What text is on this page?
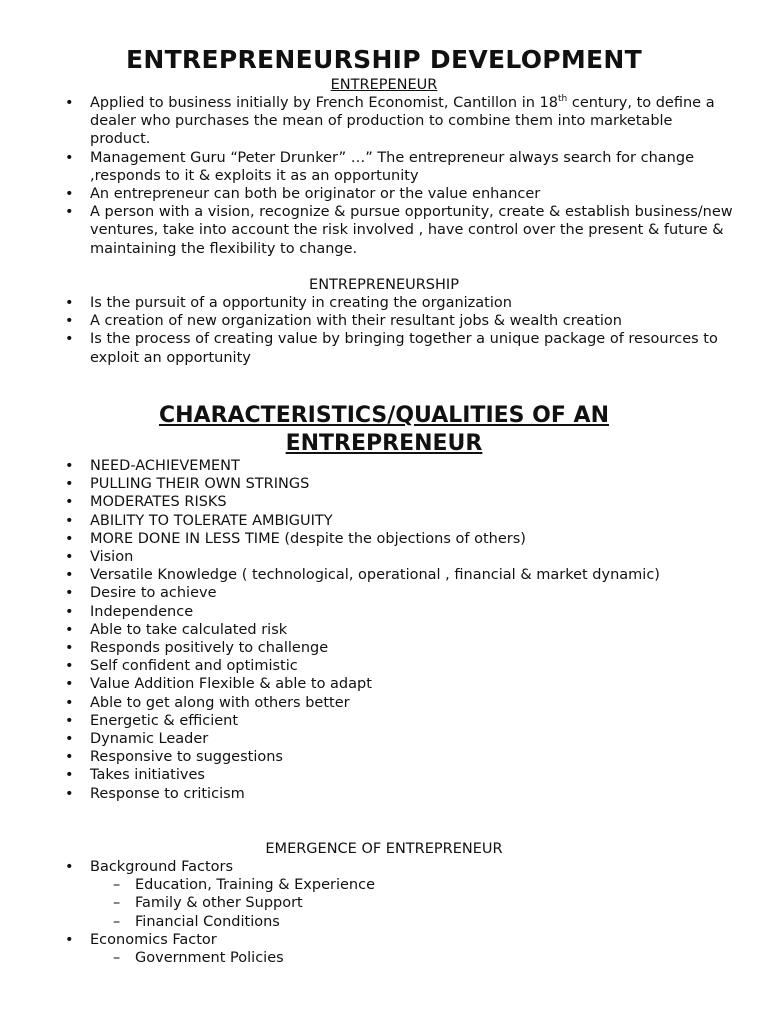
ENTREPRENEURSHIP DEVELOPMENT
ENTREPENEUR
• Applied to business initially by French Economist, Cantillon in 18th century, to define a dealer who purchases the mean of production to combine them into marketable product.
• Management Guru “Peter Drunker” …” The entrepreneur always search for change ,responds to it & exploits it as an opportunity
• An entrepreneur can both be originator or the value enhancer
• A person with a vision, recognize & pursue opportunity, create & establish business/new ventures, take into account the risk involved , have control over the present & future & maintaining the flexibility to change.
ENTREPRENEURSHIP
• Is the pursuit of a opportunity in creating the organization
• A creation of new organization with their resultant jobs & wealth creation
• Is the process of creating value by bringing together a unique package of resources to exploit an opportunity
CHARACTERISTICS/QUALITIES OF AN
ENTREPRENEUR
• NEED-ACHIEVEMENT
• PULLING THEIR OWN STRINGS
• MODERATES RISKS
• ABILITY TO TOLERATE AMBIGUITY
• MORE DONE IN LESS TIME (despite the objections of others)
• Vision
• Versatile Knowledge ( technological, operational , financial & market dynamic)
• Desire to achieve
• Independence
• Able to take calculated risk
• Responds positively to challenge
• Self confident and optimistic
• Value Addition Flexible & able to adapt
• Able to get along with others better
• Energetic & efficient
• Dynamic Leader
• Responsive to suggestions
• Takes initiatives
• Response to criticism
EMERGENCE OF ENTREPRENEUR
• Background Factors
– Education, Training & Experience
– Family & other Support
– Financial Conditions
• Economics Factor
– Government Policies
